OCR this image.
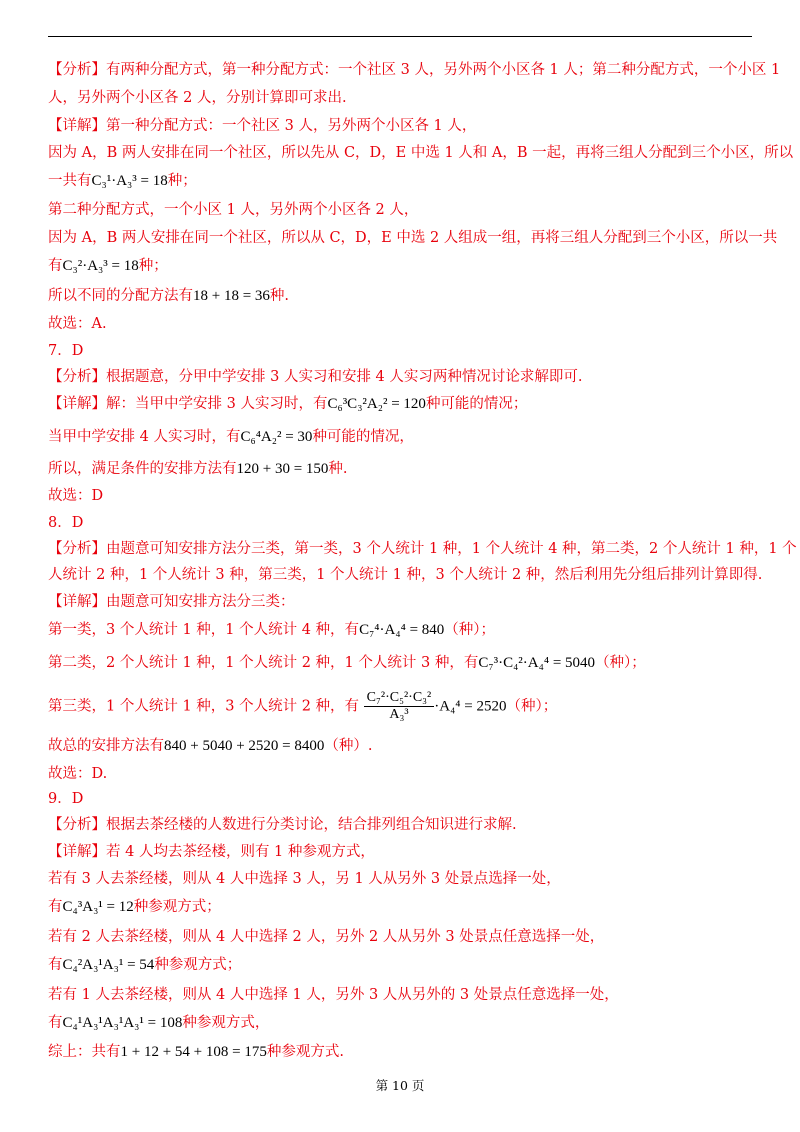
【分析】有两种分配方式，第一种分配方式：一个社区 3 人，另外两个小区各 1 人；第二种分配方式，一个小区 1
人，另外两个小区各 2 人，分别计算即可求出.
【详解】第一种分配方式：一个社区 3 人，另外两个小区各 1 人，
因为 A，B 两人安排在同一个社区，所以先从 C，D，E 中选 1 人和 A，B 一起，再将三组人分配到三个小区，所以
一共有C₃¹·A₃³ = 18种；
第二种分配方式，一个小区 1 人，另外两个小区各 2 人，
因为 A，B 两人安排在同一个社区，所以从 C，D，E 中选 2 人组成一组，再将三组人分配到三个小区，所以一共
有C₃²·A₃³ = 18种；
所以不同的分配方法有18 + 18 = 36种.
故选：A.
7．D
【分析】根据题意，分甲中学安排 3 人实习和安排 4 人实习两种情况讨论求解即可.
【详解】解：当甲中学安排 3 人实习时，有C₆³C₃²A₂² = 120种可能的情况；
当甲中学安排 4 人实习时，有C₆⁴A₂² = 30种可能的情况，
所以，满足条件的安排方法有120 + 30 = 150种.
故选：D
8．D
【分析】由题意可知安排方法分三类，第一类，3 个人统计 1 种，1 个人统计 4 种，第二类，2 个人统计 1 种，1 个
人统计 2 种，1 个人统计 3 种，第三类，1 个人统计 1 种，3 个人统计 2 种，然后利用先分组后排列计算即得.
【详解】由题意可知安排方法分三类：
第一类，3 个人统计 1 种，1 个人统计 4 种，有C₇⁴·A₄⁴ = 840（种）；
第二类，2 个人统计 1 种，1 个人统计 2 种，1 个人统计 3 种，有C₇³·C₄²·A₄⁴ = 5040（种）；
第三类，1 个人统计 1 种，3 个人统计 2 种，有 $\frac{\text{C₇²·C₅²·C₃²}}{\text{A₃³}} \cdot A_4^4 = 2520$（种）；
故总的安排方法有840 + 5040 + 2520 = 8400（种）.
故选：D.
9．D
【分析】根据去茶经楼的人数进行分类讨论，结合排列组合知识进行求解.
【详解】若 4 人均去茶经楼，则有 1 种参观方式，
若有 3 人去茶经楼，则从 4 人中选择 3 人，另 1 人从另外 3 处景点选择一处，
有C₄³A₃¹ = 12种参观方式；
若有 2 人去茶经楼，则从 4 人中选择 2 人，另外 2 人从另外 3 处景点任意选择一处，
有C₄²A₃¹A₃¹ = 54种参观方式；
若有 1 人去茶经楼，则从 4 人中选择 1 人，另外 3 人从另外的 3 处景点任意选择一处，
有C₄¹A₃¹A₃¹A₃¹ = 108种参观方式，
综上：共有1 + 12 + 54 + 108 = 175种参观方式.
第 10 页
